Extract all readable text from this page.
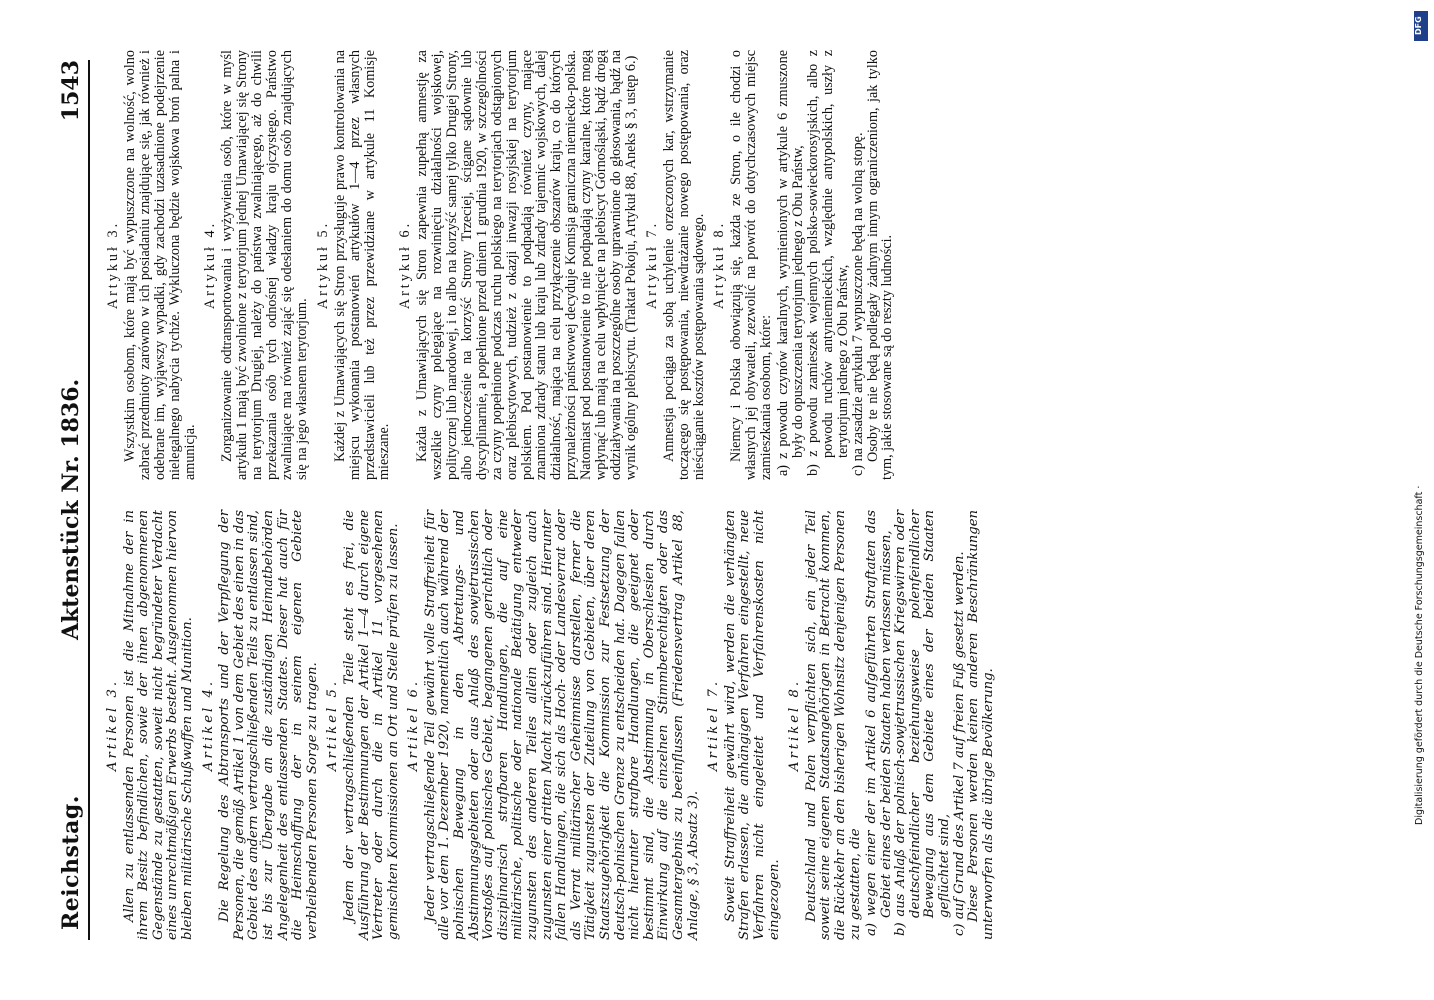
Reichstag.
Aktenstück Nr. 1836.
1543
Artikel 3. Allen zu entlassenden Personen ist die Mitnahme der in ihrem Besitz befindlichen, sowie der ihnen abgenommenen Gegenstände zu gestatten, soweit nicht begründeter Verdacht eines unrechtmäßigen Erwerbs besteht. Ausgenommen hiervon bleiben militärische Schußwaffen und Munition. Artikel 4. Die Regelung des Abtransports und der Verpflegung der Personen, die gemäß Artikel 1 von dem Gebiet des einen in das Gebiet des andern vertragschließenden Teils zu entlassen sind, ist bis zur Übergabe an die zuständigen Heimatbehörden Angelegenheit des entlassenden Staates. Dieser hat auch für die Heimschaffung der in seinem eigenen Gebiete verbleibenden Personen Sorge zu tragen. Artikel 5. Jedem der vertragschließenden Teile steht es frei, die Ausführung der Bestimmungen der Artikel 1—4 durch eigene Vertreter oder durch die in Artikel 11 vorgesehenen gemischten Kommissionen an Ort und Stelle prüfen zu lassen. Artikel 6. Jeder vertragschließende Teil gewährt volle Straffreiheit für alle vor dem 1. Dezember 1920, namentlich auch während der polnischen Bewegung in den Abtretungs- und Abstimmungsgebieten oder aus Anlaß des sowjetrussischen Vorstoßes auf polnisches Gebiet, begangenen gerichtlich oder disziplinarisch strafbaren Handlungen, die auf eine militärische, politische oder nationale Betätigung entweder zugunsten des anderen Teiles allein oder zugleich auch zugunsten einer dritten Macht zurückzuführen sind. Hierunter fallen Handlungen, die sich als Hoch- oder Landesverrat oder als Verrat militärischer Geheimnisse darstellen, ferner die Tätigkeit zugunsten der Zuteilung von Gebieten, über deren Staatszugehörigkeit die Kommission zur Festsetzung der deutsch-polnischen Grenze zu entscheiden hat. Dagegen fallen nicht hierunter strafbare Handlungen, die geeignet oder bestimmt sind, die Abstimmung in Oberschlesien durch Einwirkung auf die einzelnen Stimmberechtigten oder das Gesamtergebnis zu beeinflussen (Friedensvertrag Artikel 88, Anlage, § 3, Absatz 3).
Artikel 7. Soweit Straffreiheit gewährt wird, werden die verhängten Strafen erlassen, die anhängigen Verfahren eingestellt, neue Verfahren nicht eingeleitet und Verfahrenskosten nicht eingezogen.
Artikel 8. Deutschland und Polen verpflichten sich, ein jeder Teil soweit seine eigenen Staatsangehörigen in Betracht kommen, die Rückkehr an den bisherigen Wohnsitz denjenigen Personen zu gestatten, die a) wegen einer der im Artikel 6 aufgeführten Straftaten das Gebiet eines der beiden Staaten haben verlassen müssen, b) aus Anlaß der polnisch-sowjetrussischen Kriegswirren oder deutschfeindlicher beziehungsweise polenfeindlicher Bewegung aus dem Gebiete eines der beiden Staaten geflüchtet sind, c) auf Grund des Artikel 7 auf freien Fuß gesetzt werden. Diese Personen werden keinen anderen Beschränkungen unterworfen als die übrige Bevölkerung.
Artykuł 3. Wszystkim osobom, które mają być wypuszczone na wolność, wolno zabrać przedmioty zarówno w ich posiadaniu znajdujące się, jak również i odebrane im, wyjąwszy wypadki, gdy zachodzi uzasadnione podejrzenie nielegalnego nabycia tychże. Wykluczona będzie wojskowa broń palna i amunicja.
Artykuł 4. Zorganizowanie odtransportowania i wyżywienia osób, które w myśl artykułu 1 mają być zwolnione z terytorjum jednej Umawiającej się Strony na terytorjum Drugiej, należy do państwa zwalniającego, aż do chwili przekazania osób tych odnośnej władzy kraju ojczystego. Państwo zwalniające ma również zająć się odesłaniem do domu osób znajdujących się na jego własnem terytorjum.
Artykuł 5. Każdej z Umawiających się Stron przysługuje prawo kontrolowania na miejscu wykonania postanowień artykułów 1—4 przez własnych przedstawicieli lub też przez przewidziane w artykule 11 Komisje mieszane.
Artykuł 6. Każda z Umawiających się Stron zapewnia zupełną amnestję za wszelkie czyny polegające na rozwinięciu działalności wojskowej, politycznej lub narodowej, i to albo na korzyść samej tylko Drugiej Strony, albo jednocześnie na korzyść Strony Trzeciej, ścigane sądownie lub dyscyplinarnie, a popełnione przed dniem 1 grudnia 1920, w szczególności za czyny popełnione podczas ruchu polskiego na terytorjach odstąpionych oraz plebiscytowych, tudzież z okazji inwazji rosyjskiej na terytorjum polskiem. Pod postanowienie to podpadają również czyny, mające znamiona zdrady stanu lub kraju lub zdrady tajemnic wojskowych, dalej działalność, mająca na celu przyłączenie obszarów kraju, co do których przynależności państwowej decyduje Komisja graniczna niemiecko-polska. Natomiast pod postanowienie to nie podpadają czyny karalne, które mogą wpłynąć lub mają na celu wpłynięcie na plebiscyt Górnośląski, bądź drogą oddziaływania na poszczególne osoby uprawnione do głosowania, bądź na wynik ogólny plebiscytu. (Traktat Pokoju, Artykuł 88, Aneks § 3, ustęp 6.) Artykuł 7. Amnestja pociąga za sobą uchylenie orzeczonych kar, wstrzymanie toczącego się postępowania, niewdrażanie nowego postępowania, oraz nieściąganie kosztów postępowania sądowego. Artykuł 8. Niemcy i Polska obowiązują się, każda ze Stron, o ile chodzi o własnych jej obywateli, zezwolić na powrót do dotychczasowych miejsc zamieszkania osobom, które: a) z powodu czynów karalnych, wymienionych w artykule 6 zmuszone były do opuszczenia terytorjum jednego z Obu Państw,
b) z powodu zamieszek wojennych polsko-sowieckorosyjskich, albo z powodu ruchów antyniemieckich, względnie antypolskich, uszły z terytorjum jednego z Obu Państw,
c) na zasadzie artykułu 7 wypuszczone będą na wolną stopę.
Osoby te nie będą podlegały żadnym innym ograniczeniom, jak tylko tym, jakie stosowane są do reszty ludności.
DFG
Digitalisierung gefördert durch die Deutsche Forschungsgemeinschaft ·
